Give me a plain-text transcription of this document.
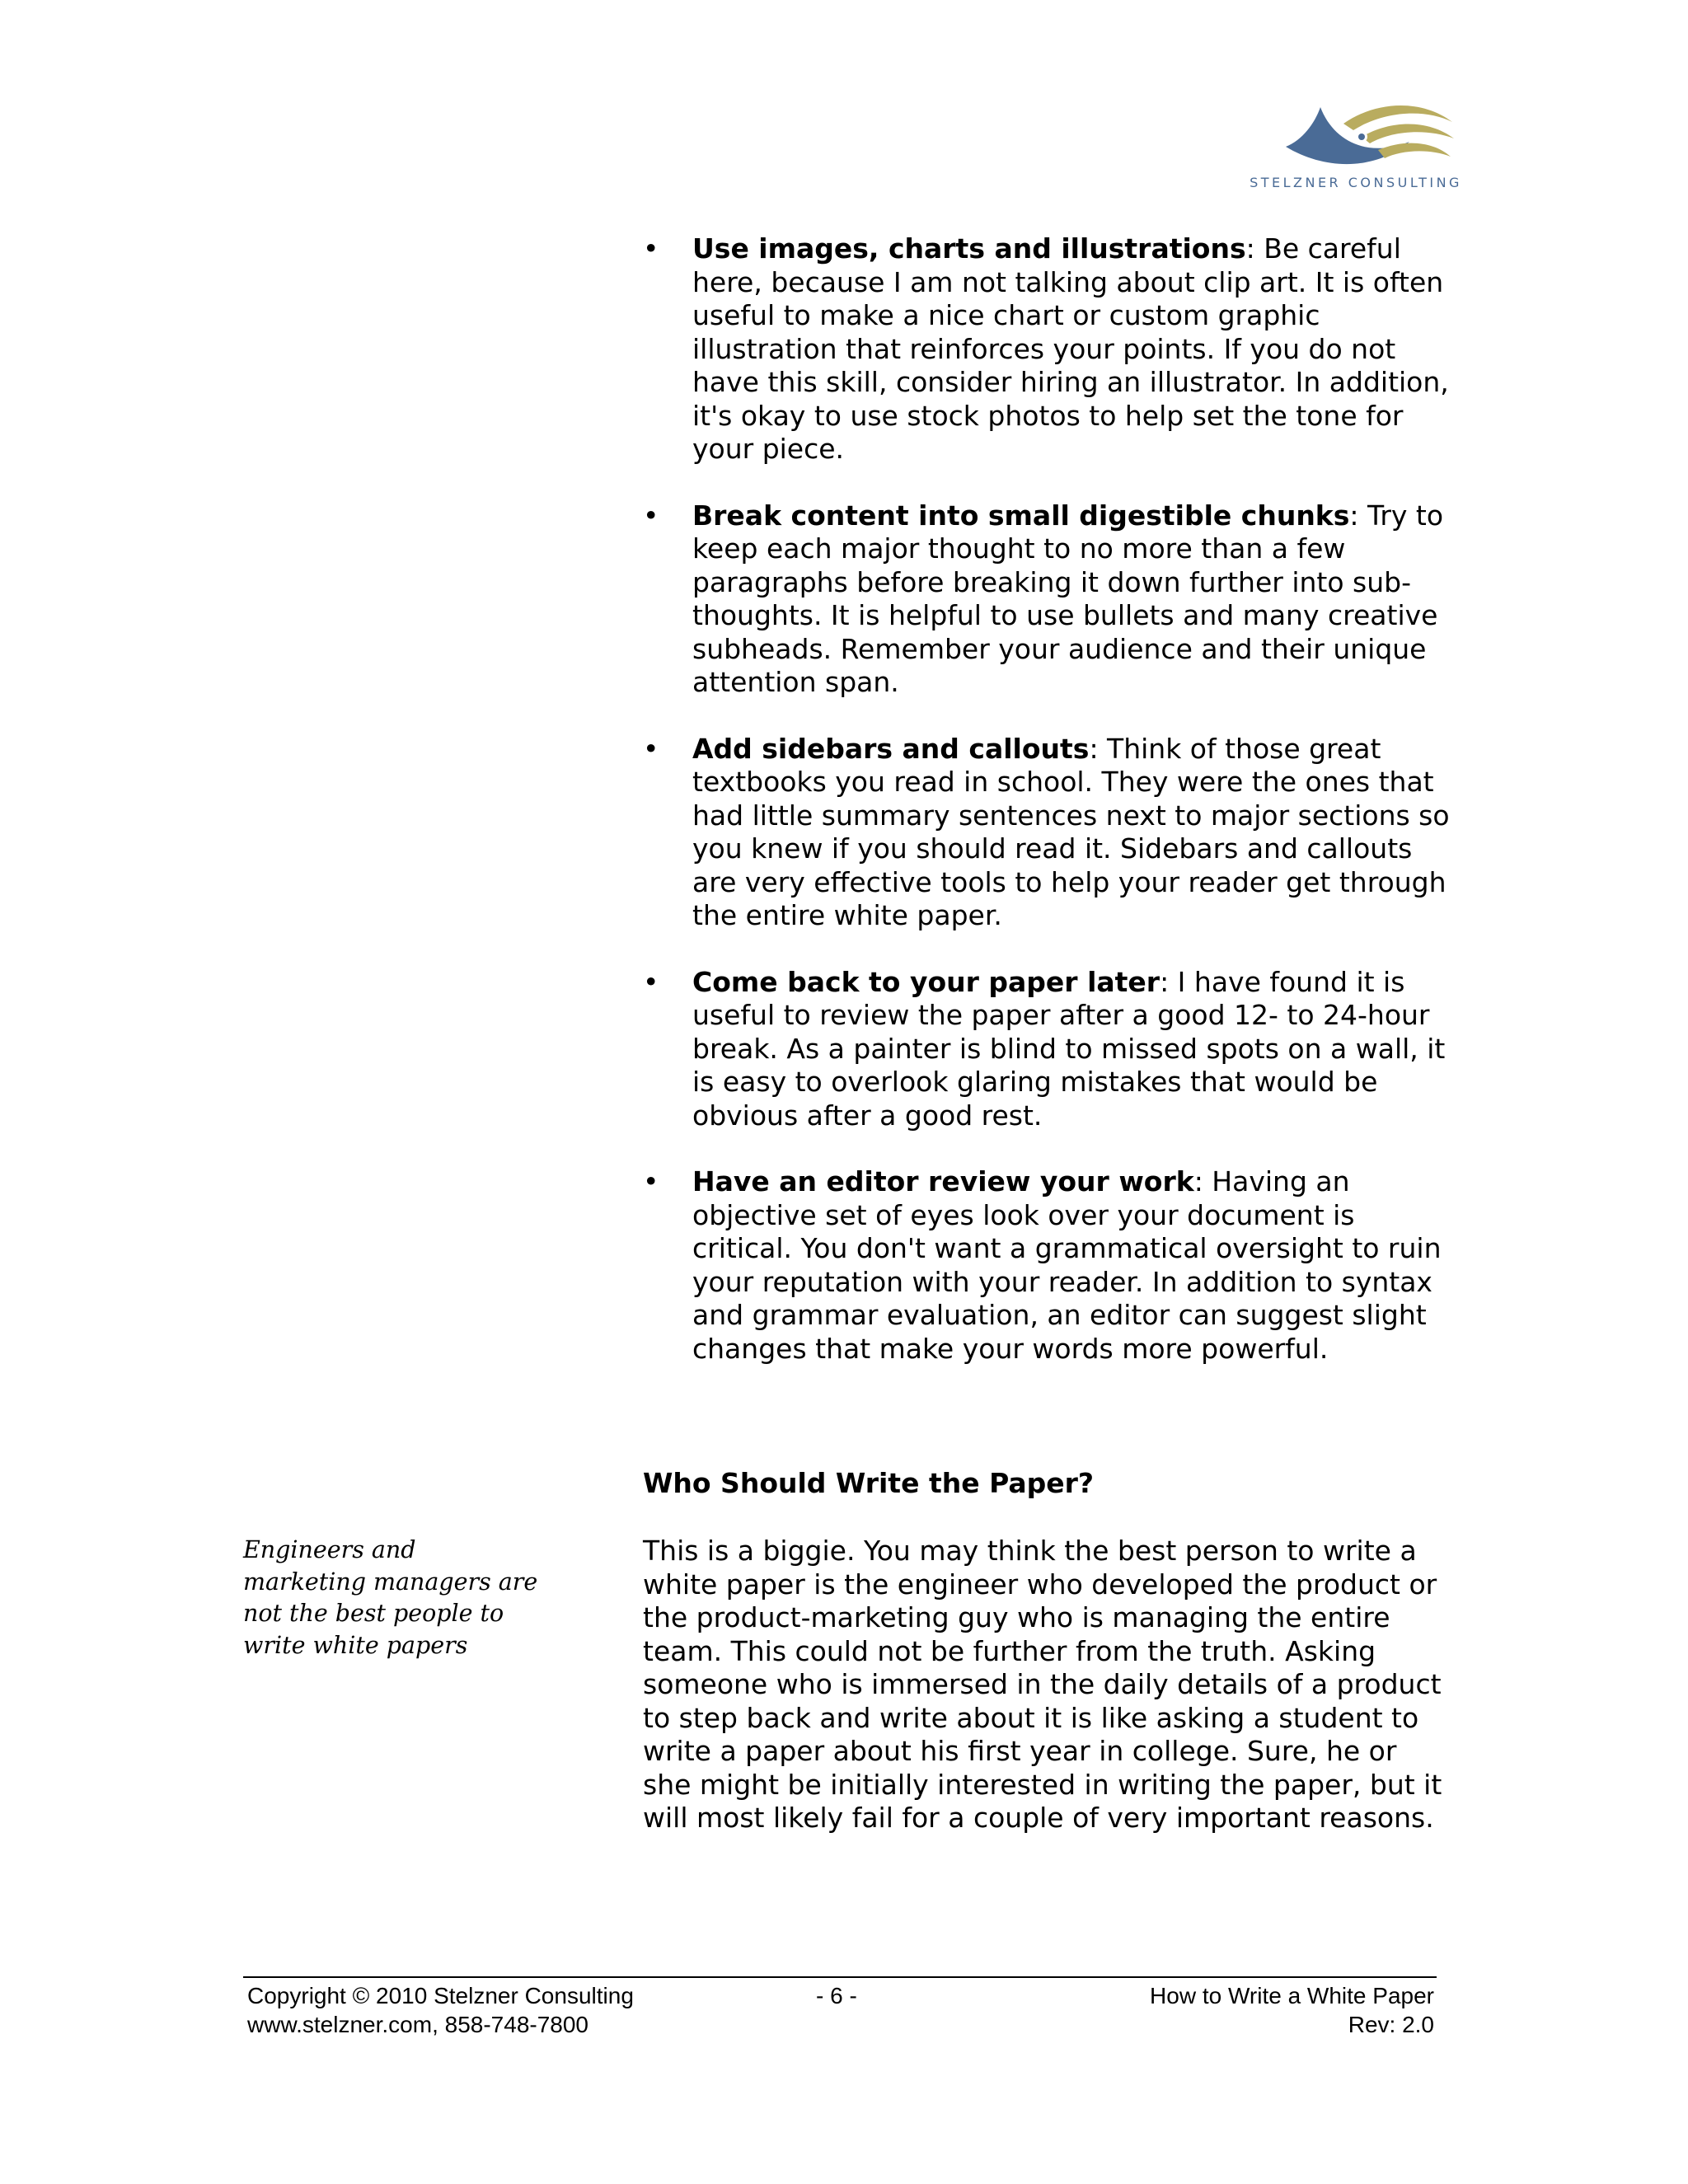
STELZNER CONSULTING
• Use images, charts and illustrations: Be careful here, because I am not talking about clip art. It is often useful to make a nice chart or custom graphic illustration that reinforces your points. If you do not have this skill, consider hiring an illustrator. In addition, it's okay to use stock photos to help set the tone for your piece.
• Break content into small digestible chunks: Try to keep each major thought to no more than a few paragraphs before breaking it down further into sub-thoughts. It is helpful to use bullets and many creative subheads. Remember your audience and their unique attention span.
• Add sidebars and callouts: Think of those great textbooks you read in school. They were the ones that had little summary sentences next to major sections so you knew if you should read it. Sidebars and callouts are very effective tools to help your reader get through the entire white paper.
• Come back to your paper later: I have found it is useful to review the paper after a good 12- to 24-hour break. As a painter is blind to missed spots on a wall, it is easy to overlook glaring mistakes that would be obvious after a good rest.
• Have an editor review your work: Having an objective set of eyes look over your document is critical. You don't want a grammatical oversight to ruin your reputation with your reader. In addition to syntax and grammar evaluation, an editor can suggest slight changes that make your words more powerful.
Who Should Write the Paper?

This is a biggie. You may think the best person to write a white paper is the engineer who developed the product or the product-marketing guy who is managing the entire team. This could not be further from the truth. Asking someone who is immersed in the daily details of a product to step back and write about it is like asking a student to write a paper about his first year in college. Sure, he or she might be initially interested in writing the paper, but it will most likely fail for a couple of very important reasons.

Engineers and marketing managers are not the best people to write white papers

Copyright © 2010 Stelzner Consulting
www.stelzner.com, 858-748-7800
- 6 -	How to Write a White Paper
Rev: 2.0
